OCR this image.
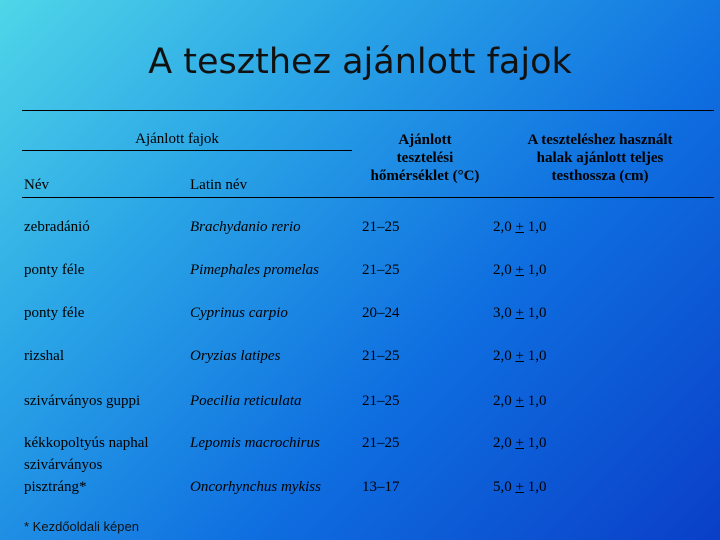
A teszthez ajánlott fajok
Ajánlott fajok
Név	Latin név
Ajánlott
tesztelési
hőmérséklet (°C)
A teszteléshez használt
halak ajánlott teljes
testhossza (cm)
zebradánió	Brachydanio rerio	21–25	2,0 + 1,0
ponty féle	Pimephales promelas	21–25	2,0 + 1,0
ponty féle	Cyprinus carpio	20–24	3,0 + 1,0
rizshal	Oryzias latipes	21–25	2,0 + 1,0
szivárványos guppi	Poecilia reticulata	21–25	2,0 + 1,0
kékkopoltyús naphal	Lepomis macrochirus	21–25	2,0 + 1,0
szivárványos
pisztráng*	Oncorhynchus mykiss	13–17	5,0 + 1,0
* Kezdőoldali képen
